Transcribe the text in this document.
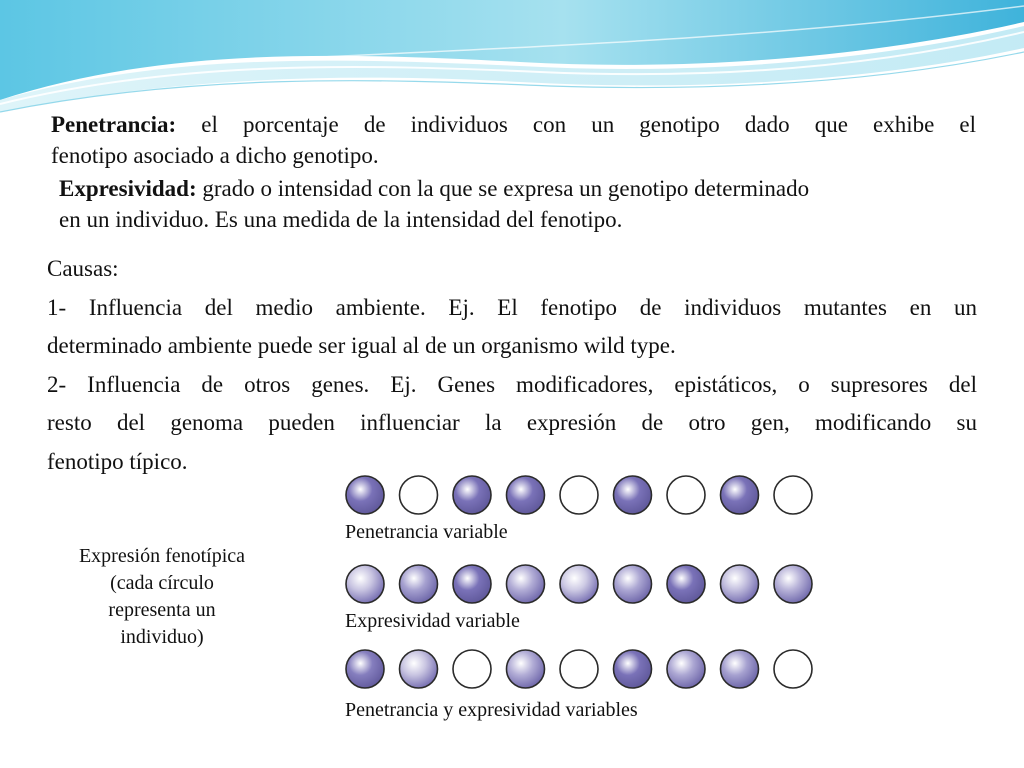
Penetrancia: el porcentaje de individuos con un genotipo dado que exhibe el
fenotipo asociado a dicho genotipo.

Expresividad: grado o intensidad con la que se expresa un genotipo determinado
en un individuo. Es una medida de la intensidad del fenotipo.

Causas:
1- Influencia del medio ambiente. Ej. El fenotipo de individuos mutantes en un
determinado ambiente puede ser igual al de un organismo wild type.
2- Influencia de otros genes. Ej. Genes modificadores, epistáticos, o supresores del
resto del genoma pueden influenciar la expresión de otro gen, modificando su
fenotipo típico.
Expresión fenotípica
(cada círculo
representa un
individuo)
Penetrancia variable
Expresividad variable
Penetrancia y expresividad variables
